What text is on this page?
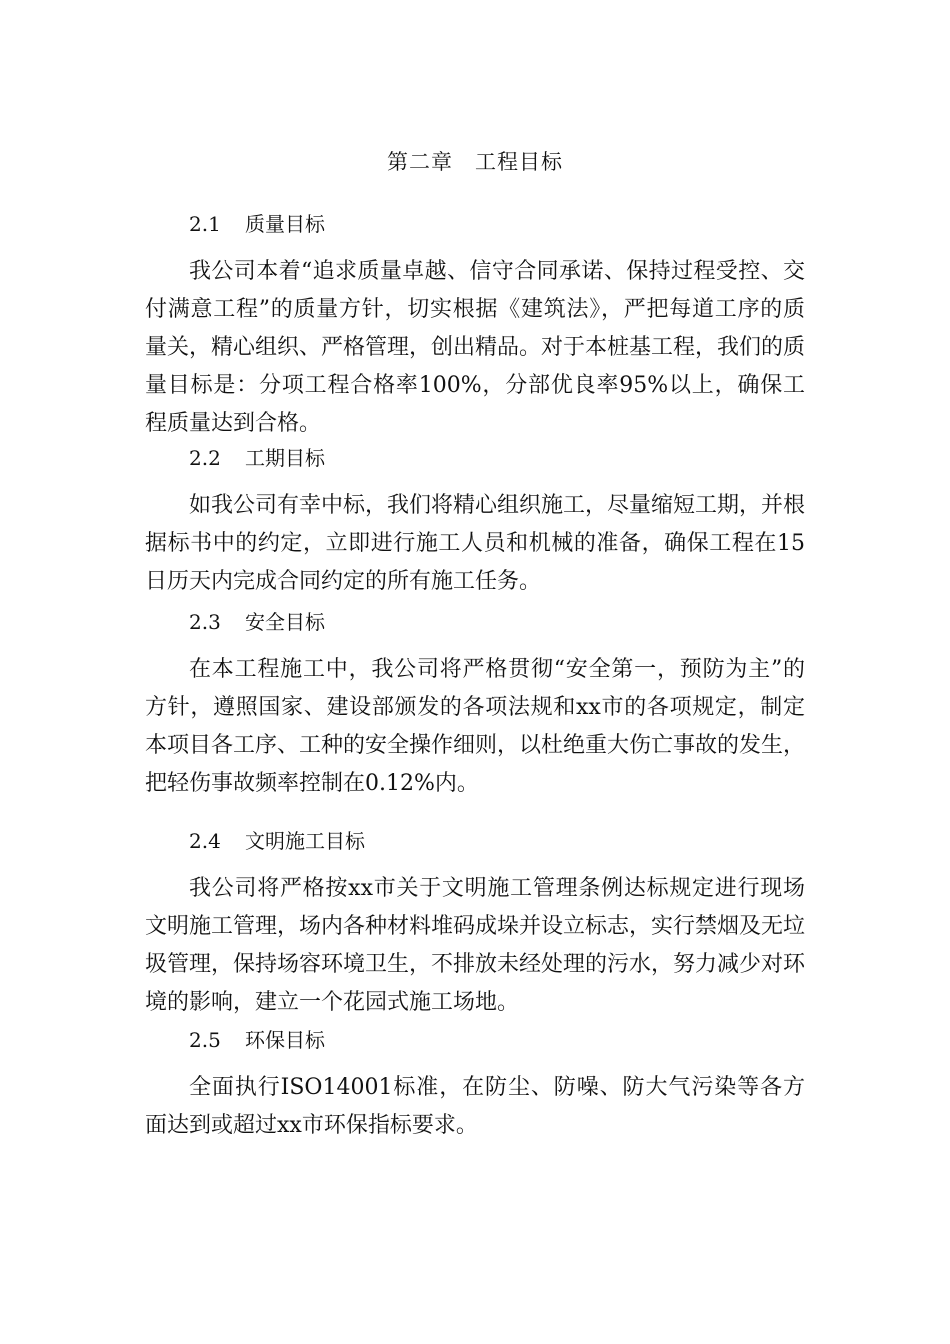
第二章 工程目标
2.1 质量目标

我公司本着“追求质量卓越、信守合同承诺、保持过程受控、交付满意工程”的质量方针，切实根据《建筑法》，严把每道工序的质量关，精心组织、严格管理，创出精品。对于本桩基工程，我们的质量目标是：分项工程合格率100%，分部优良率95%以上，确保工程质量达到合格。

2.2 工期目标

如我公司有幸中标，我们将精心组织施工，尽量缩短工期，并根据标书中的约定，立即进行施工人员和机械的准备，确保工程在15日历天内完成合同约定的所有施工任务。

2.3 安全目标

在本工程施工中，我公司将严格贯彻“安全第一，预防为主”的方针，遵照国家、建设部颁发的各项法规和xx市的各项规定，制定本项目各工序、工种的安全操作细则，以杜绝重大伤亡事故的发生，把轻伤事故频率控制在0.12%内。

2.4 文明施工目标

我公司将严格按xx市关于文明施工管理条例达标规定进行现场文明施工管理，场内各种材料堆码成垛并设立标志，实行禁烟及无垃圾管理，保持场容环境卫生，不排放未经处理的污水，努力减少对环境的影响，建立一个花园式施工场地。

2.5 环保目标

全面执行ISO14001标准，在防尘、防噪、防大气污染等各方面达到或超过xx市环保指标要求。
